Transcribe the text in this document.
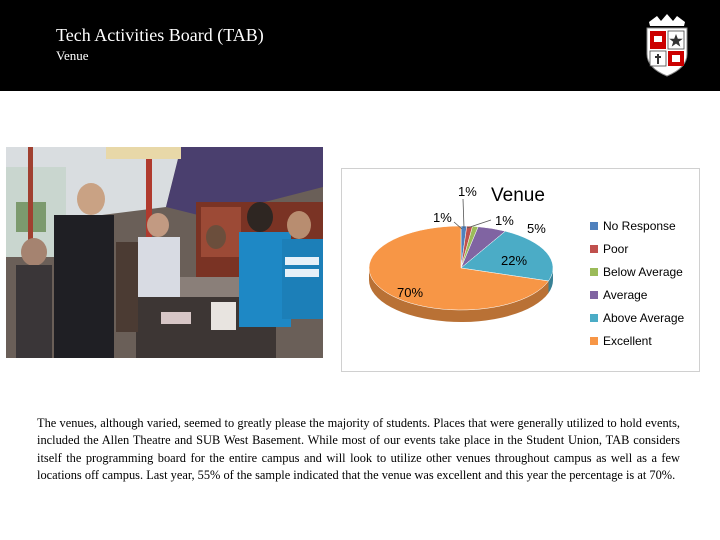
Tech Activities Board (TAB)
Venue
Venue
1%
1%	1%
5%
22%
70%
No Response
Poor
Below Average
Average
Above Average
Excellent
The venues, although varied, seemed to greatly please the majority of students. Places that were generally utilized to hold events, included the Allen Theatre and SUB West Basement. While most of our events take place in the Student Union, TAB considers itself the programming board for the entire campus and will look to utilize other venues throughout campus as well as a few locations off campus. Last year, 55% of the sample indicated that the venue was excellent and this year the percentage is at 70%.
